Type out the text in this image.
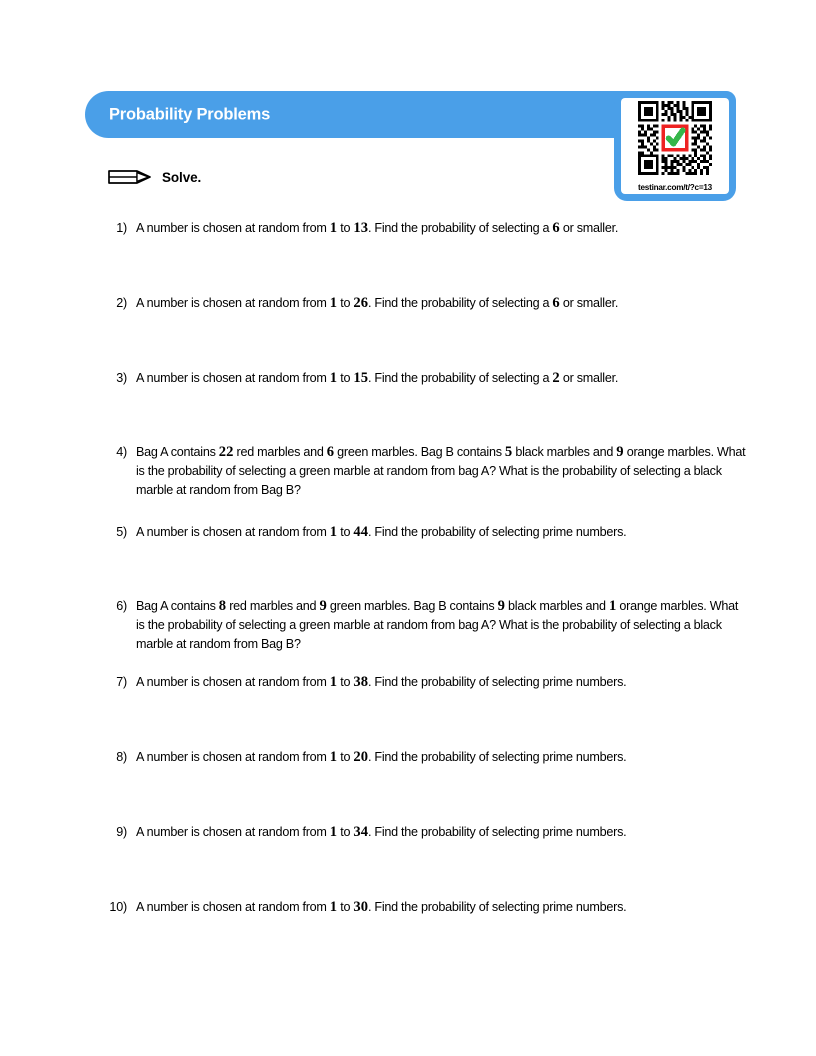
Probability Problems
testinar.com/t/?c=13
Solve.
1) A number is chosen at random from 1 to 13. Find the probability of selecting a 6 or smaller.
2) A number is chosen at random from 1 to 26. Find the probability of selecting a 6 or smaller.
3) A number is chosen at random from 1 to 15. Find the probability of selecting a 2 or smaller.
4) Bag A contains 22 red marbles and 6 green marbles. Bag B contains 5 black marbles and 9 orange marbles. What is the probability of selecting a green marble at random from bag A? What is the probability of selecting a black marble at random from Bag B?
5) A number is chosen at random from 1 to 44. Find the probability of selecting prime numbers.
6) Bag A contains 8 red marbles and 9 green marbles. Bag B contains 9 black marbles and 1 orange marbles. What is the probability of selecting a green marble at random from bag A? What is the probability of selecting a black marble at random from Bag B?
7) A number is chosen at random from 1 to 38. Find the probability of selecting prime numbers.
8) A number is chosen at random from 1 to 20. Find the probability of selecting prime numbers.
9) A number is chosen at random from 1 to 34. Find the probability of selecting prime numbers.
10) A number is chosen at random from 1 to 30. Find the probability of selecting prime numbers.
